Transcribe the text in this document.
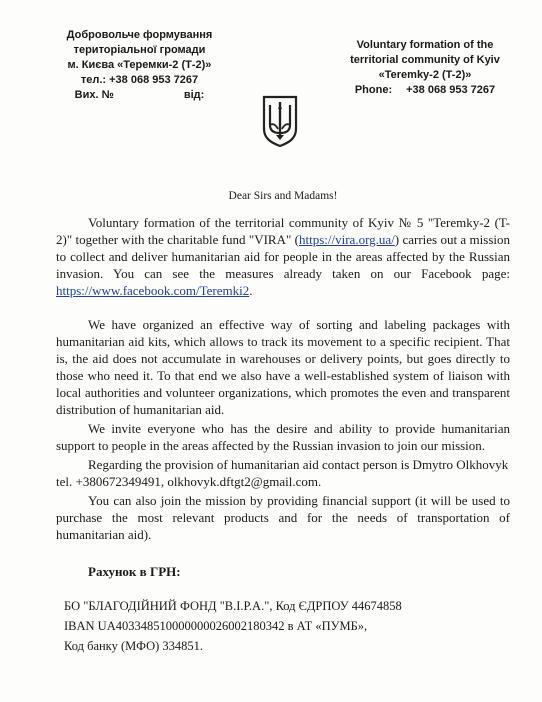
Добровольче формування
територіальної громади
м. Києва «Теремки-2 (Т-2)»
тел.: +38 068 953 7267
Вих. №	від:
Voluntary formation of the
territorial community of Kyiv
«Teremky-2 (T-2)»
Phone: +38 068 953 7267

Dear Sirs and Madams!

Voluntary formation of the territorial community of Kyiv № 5 "Teremky-2 (T-2)" together with the charitable fund "VIRA" (https://vira.org.ua/) carries out a mission to collect and deliver humanitarian aid for people in the areas affected by the Russian invasion. You can see the measures already taken on our Facebook page: https://www.facebook.com/Teremki2.

We have organized an effective way of sorting and labeling packages with humanitarian aid kits, which allows to track its movement to a specific recipient. That is, the aid does not accumulate in warehouses or delivery points, but goes directly to those who need it. To that end we also have a well-established system of liaison with local authorities and volunteer organizations, which promotes the even and transparent distribution of humanitarian aid.

We invite everyone who has the desire and ability to provide humanitarian support to people in the areas affected by the Russian invasion to join our mission.

Regarding the provision of humanitarian aid contact person is Dmytro Olkhovyk

tel. +380672349491, olkhovyk.dftgt2@gmail.com.

You can also join the mission by providing financial support (it will be used to purchase the most relevant products and for the needs of transportation of humanitarian aid).

Рахунок в ГРН:

БО "БЛАГОДІЙНИЙ ФОНД "В.І.Р.А.", Код ЄДРПОУ 44674858

IBAN UA403348510000000026002180342 в АТ «ПУМБ»,

Код банку (МФО) 334851.
